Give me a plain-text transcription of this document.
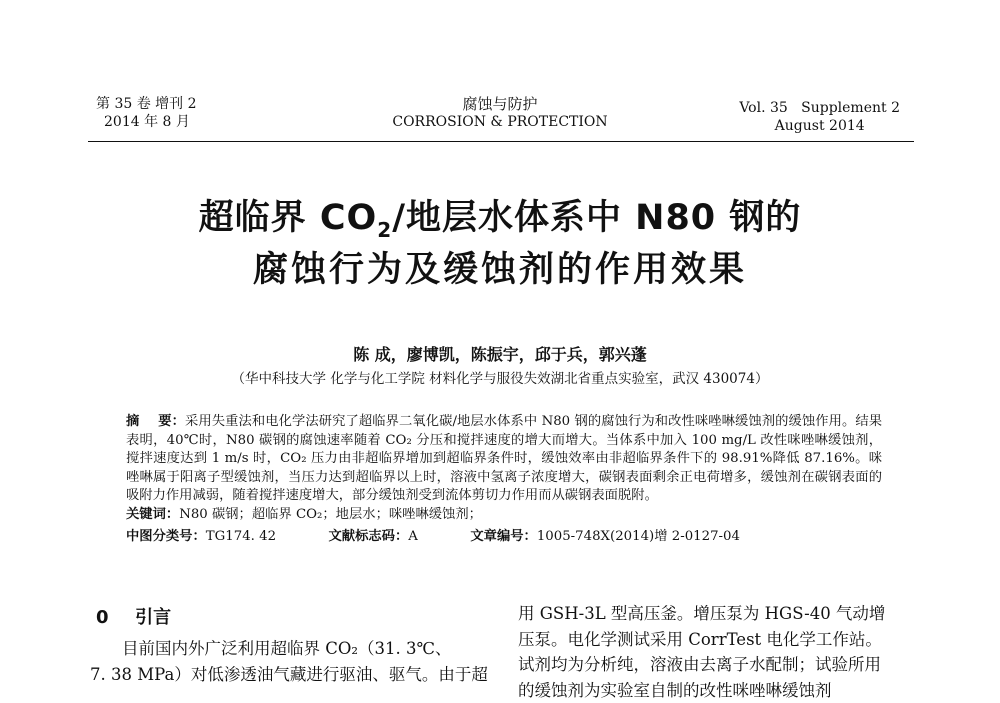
第 35 卷 增刊 2
2014 年 8 月
腐蚀与防护
CORROSION & PROTECTION
Vol. 35   Supplement 2
August 2014
超临界 $CO_2/$地层水体系中 N80 钢的
腐蚀行为及缓蚀剂的作用效果
陈 成，廖博凯，陈振宇，邱于兵，郭兴蓬
（华中科技大学 化学与化工学院 材料化学与服役失效湖北省重点实验室，武汉 430074）

摘    要：采用失重法和电化学法研究了超临界二氧化碳/地层水体系中 N80 钢的腐蚀行为和改性咪唑啉缓蚀剂的缓蚀作用。结果表明，40℃时，N80 碳钢的腐蚀速率随着 CO₂ 分压和搅拌速度的增大而增大。当体系中加入 100 mg/L 改性咪唑啉缓蚀剂，搅拌速度达到 1 m/s 时，CO₂ 压力由非超临界增加到超临界条件时，缓蚀效率由非超临界条件下的 98.91%降低 87.16%。咪唑啉属于阳离子型缓蚀剂，当压力达到超临界以上时，溶液中氢离子浓度增大，碳钢表面剩余正电荷增多，缓蚀剂在碳钢表面的吸附力作用减弱，随着搅拌速度增大，部分缓蚀剂受到流体剪切力作用而从碳钢表面脱附。

关键词：N80 碳钢；超临界 CO₂；地层水；咪唑啉缓蚀剂；

中图分类号：TG174. 42	文献标志码：A	文章编号：1005-748X(2014)增 2-0127-04

0 引言

目前国内外广泛利用超临界 CO₂（31. 3℃、

7. 38 MPa）对低渗透油气藏进行驱油、驱气。由于超

用 GSH-3L 型高压釜。增压泵为 HGS-40 气动增

压泵。电化学测试采用 CorrTest 电化学工作站。

试剂均为分析纯，溶液由去离子水配制；试验所用

的缓蚀剂为实验室自制的改性咪唑啉缓蚀剂
